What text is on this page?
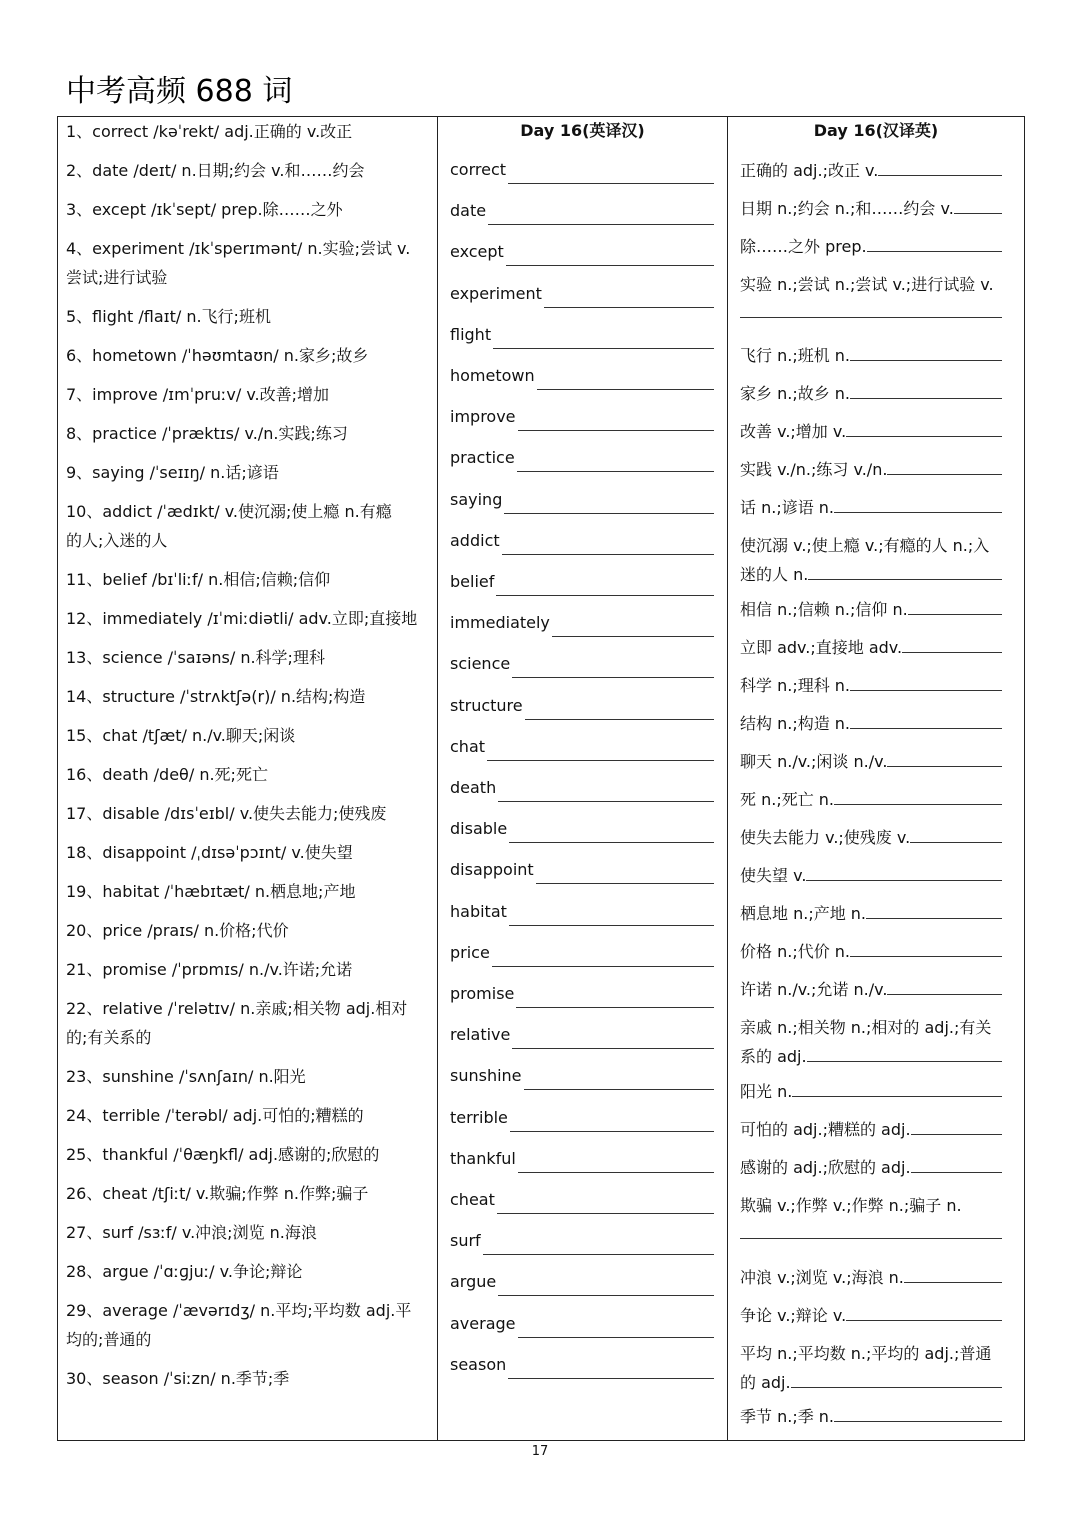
中考高频 688 词
1、correct /kəˈrekt/ adj.正确的 v.改正
2、date /deɪt/ n.日期;约会 v.和……约会
3、except /ɪkˈsept/ prep.除……之外
4、experiment /ɪkˈsperɪmənt/ n.实验;尝试 v.
尝试;进行试验
5、flight /flaɪt/ n.飞行;班机
6、hometown /ˈhəʊmtaʊn/ n.家乡;故乡
7、improve /ɪmˈpruːv/ v.改善;增加
8、practice /ˈpræktɪs/ v./n.实践;练习
9、saying /ˈseɪɪŋ/ n.话;谚语
10、addict /ˈædɪkt/ v.使沉溺;使上瘾 n.有瘾
的人;入迷的人
11、belief /bɪˈliːf/ n.相信;信赖;信仰
12、immediately /ɪˈmiːdiətli/ adv.立即;直接地
13、science /ˈsaɪəns/ n.科学;理科
14、structure /ˈstrʌktʃə(r)/ n.结构;构造
15、chat /tʃæt/ n./v.聊天;闲谈
16、death /deθ/ n.死;死亡
17、disable /dɪsˈeɪbl/ v.使失去能力;使残废
18、disappoint /ˌdɪsəˈpɔɪnt/ v.使失望
19、habitat /ˈhæbɪtæt/ n.栖息地;产地
20、price /praɪs/ n.价格;代价
21、promise /ˈprɒmɪs/ n./v.许诺;允诺
22、relative /ˈrelətɪv/ n.亲戚;相关物 adj.相对
的;有关系的
23、sunshine /ˈsʌnʃaɪn/ n.阳光
24、terrible /ˈterəbl/ adj.可怕的;糟糕的
25、thankful /ˈθæŋkfl/ adj.感谢的;欣慰的
26、cheat /tʃiːt/ v.欺骗;作弊 n.作弊;骗子
27、surf /sɜːf/ v.冲浪;浏览 n.海浪
28、argue /ˈɑːɡjuː/ v.争论;辩论
29、average /ˈævərɪdʒ/ n.平均;平均数 adj.平
均的;普通的
30、season /ˈsiːzn/ n.季节;季
Day 16(英译汉)
correct
date
except
experiment
flight
hometown
improve
practice
saying
addict
belief
immediately
science
structure
chat
death
disable
disappoint
habitat
price
promise
relative
sunshine
terrible
thankful
cheat
surf
argue
average
season
Day 16(汉译英)
正确的 adj.;改正 v.
日期 n.;约会 n.;和……约会 v.
除……之外 prep.
实验 n.;尝试 n.;尝试 v.;进行试验 v.
飞行 n.;班机 n.
家乡 n.;故乡 n.
改善 v.;增加 v.
实践 v./n.;练习 v./n.
话 n.;谚语 n.
使沉溺 v.;使上瘾 v.;有瘾的人 n.;入
迷的人 n.
相信 n.;信赖 n.;信仰 n.
立即 adv.;直接地 adv.
科学 n.;理科 n.
结构 n.;构造 n.
聊天 n./v.;闲谈 n./v.
死 n.;死亡 n.
使失去能力 v.;使残废 v.
使失望 v.
栖息地 n.;产地 n.
价格 n.;代价 n.
许诺 n./v.;允诺 n./v.
亲戚 n.;相关物 n.;相对的 adj.;有关
系的 adj.
阳光 n.
可怕的 adj.;糟糕的 adj.
感谢的 adj.;欣慰的 adj.
欺骗 v.;作弊 v.;作弊 n.;骗子 n.
冲浪 v.;浏览 v.;海浪 n.
争论 v.;辩论 v.
平均 n.;平均数 n.;平均的 adj.;普通
的 adj.
季节 n.;季 n.
17
